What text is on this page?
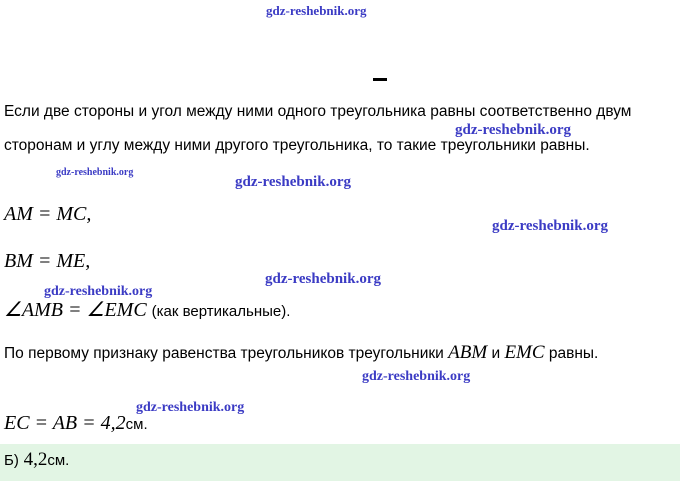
gdz-reshebnik.org
Если две стороны и угол между ними одного треугольника равны соответственно двум сторонам и углу между ними другого треугольника, то такие треугольники равны.
gdz-reshebnik.org
gdz-reshebnik.org
gdz-reshebnik.org
AM = MC,
gdz-reshebnik.org
BM = ME,
gdz-reshebnik.org
gdz-reshebnik.org
∠AMB = ∠EMC (как вертикальные).
По первому признаку равенства треугольников треугольники ABM и EMC равны.
gdz-reshebnik.org
gdz-reshebnik.org
EC = AB = 4,2см.
Б) 4,2см.
